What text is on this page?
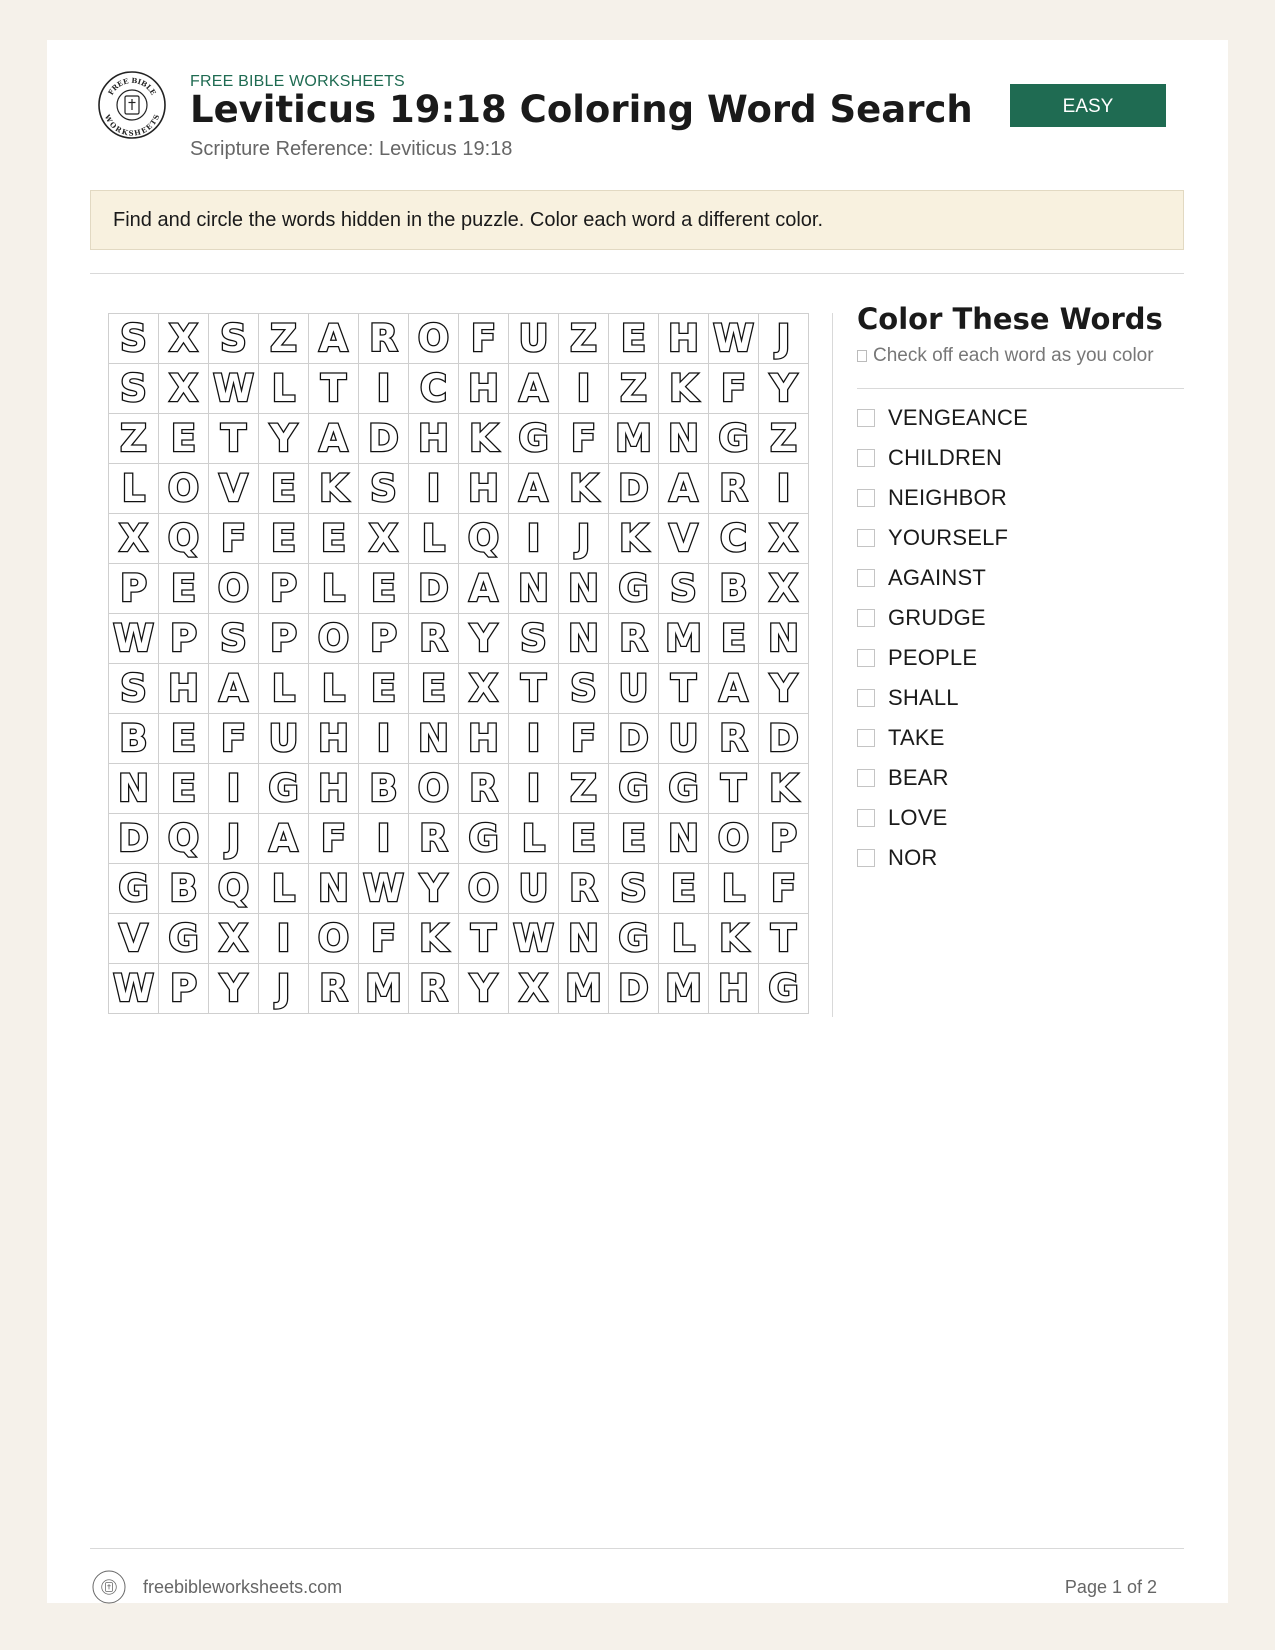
FREE BIBLE
WORKSHEETS
FREE BIBLE WORKSHEETS
Leviticus 19:18 Coloring Word Search
Scripture Reference: Leviticus 19:18
EASY
Find and circle the words hidden in the puzzle. Color each word a different color.
S X S Z A R O F U Z E H W J
S X W L T I C H A I Z K F Y
Z E T Y A D H K G F M N G Z
L O V E K S I H A K D A R I
X Q F E E X L Q I J K V C X
P E O P L E D A N N G S B X
W P S P O P R Y S N R M E N
S H A L L E E X T S U T A Y
B E F U H I N H I F D U R D
N E I G H B O R I Z G G T K
D Q J A F I R G L E E N O P
G B Q L N W Y O U R S E L F
V G X I O F K T W N G L K T
W P Y J R M R Y X M D M H G
Color These Words
Check off each word as you color
VENGEANCE
CHILDREN
NEIGHBOR
YOURSELF
AGAINST
GRUDGE
PEOPLE
SHALL
TAKE
BEAR
LOVE
NOR
freebibleworksheets.com	Page 1 of 2
